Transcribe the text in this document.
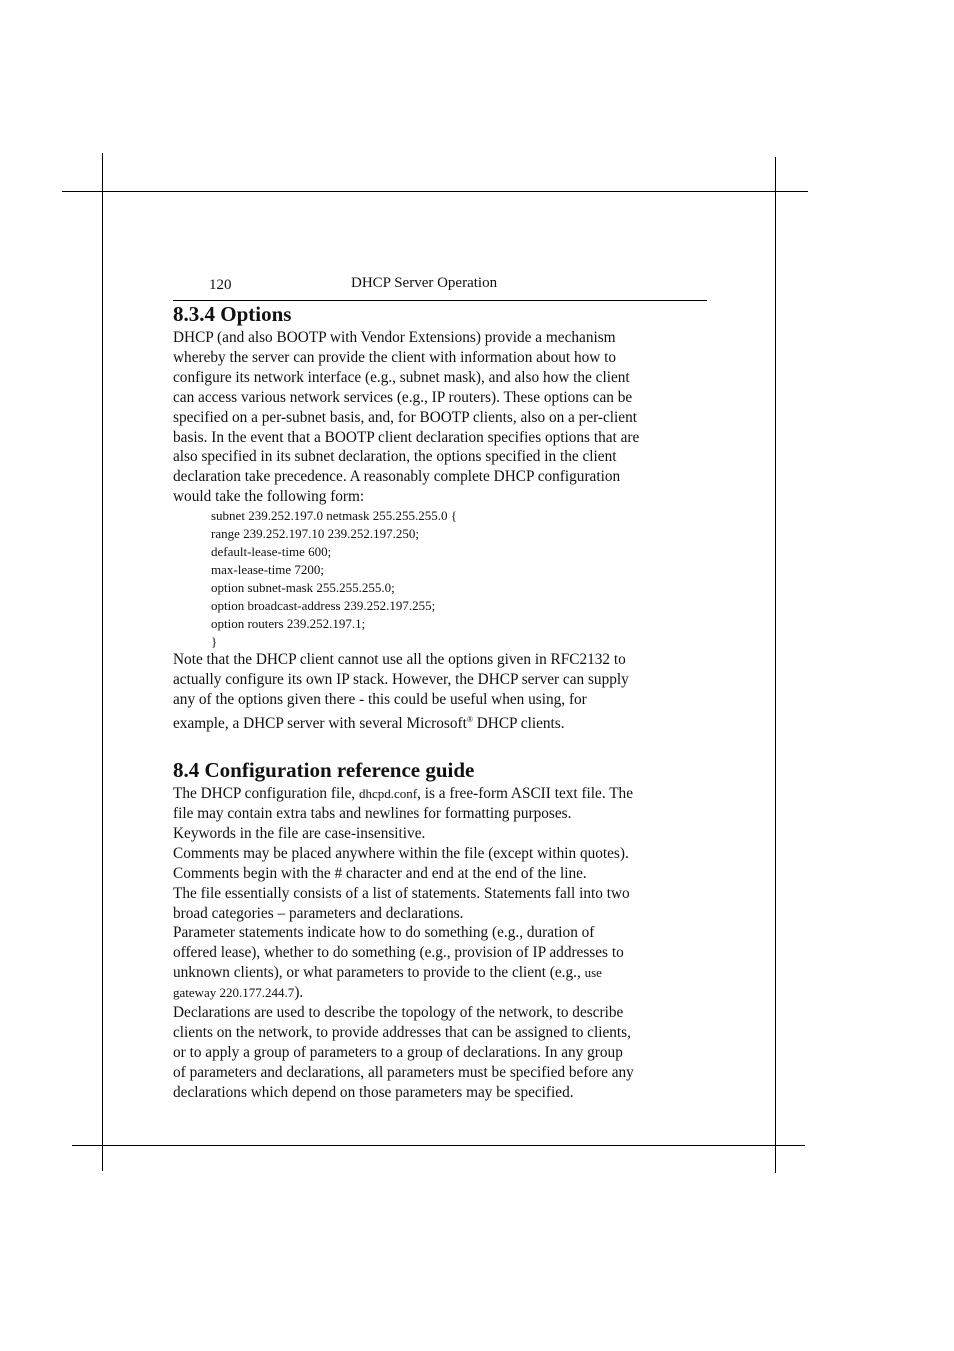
120	DHCP Server Operation
8.3.4 Options

DHCP (and also BOOTP with Vendor Extensions) provide a mechanism
whereby the server can provide the client with information about how to
configure its network interface (e.g., subnet mask), and also how the client
can access various network services (e.g., IP routers). These options can be
specified on a per-subnet basis, and, for BOOTP clients, also on a per-client
basis. In the event that a BOOTP client declaration specifies options that are
also specified in its subnet declaration, the options specified in the client
declaration take precedence. A reasonably complete DHCP configuration
would take the following form:

subnet 239.252.197.0 netmask 255.255.255.0 {
range 239.252.197.10 239.252.197.250;
default-lease-time 600;
max-lease-time 7200;
option subnet-mask 255.255.255.0;
option broadcast-address 239.252.197.255;
option routers 239.252.197.1;
}

Note that the DHCP client cannot use all the options given in RFC2132 to
actually configure its own IP stack. However, the DHCP server can supply
any of the options given there - this could be useful when using, for
example, a DHCP server with several Microsoft® DHCP clients.

8.4 Configuration reference guide

The DHCP configuration file, dhcpd.conf, is a free-form ASCII text file. The
file may contain extra tabs and newlines for formatting purposes.
Keywords in the file are case-insensitive.

Comments may be placed anywhere within the file (except within quotes).
Comments begin with the # character and end at the end of the line.

The file essentially consists of a list of statements. Statements fall into two
broad categories – parameters and declarations.

Parameter statements indicate how to do something (e.g., duration of
offered lease), whether to do something (e.g., provision of IP addresses to
unknown clients), or what parameters to provide to the client (e.g., use
gateway 220.177.244.7).

Declarations are used to describe the topology of the network, to describe
clients on the network, to provide addresses that can be assigned to clients,
or to apply a group of parameters to a group of declarations. In any group
of parameters and declarations, all parameters must be specified before any
declarations which depend on those parameters may be specified.
